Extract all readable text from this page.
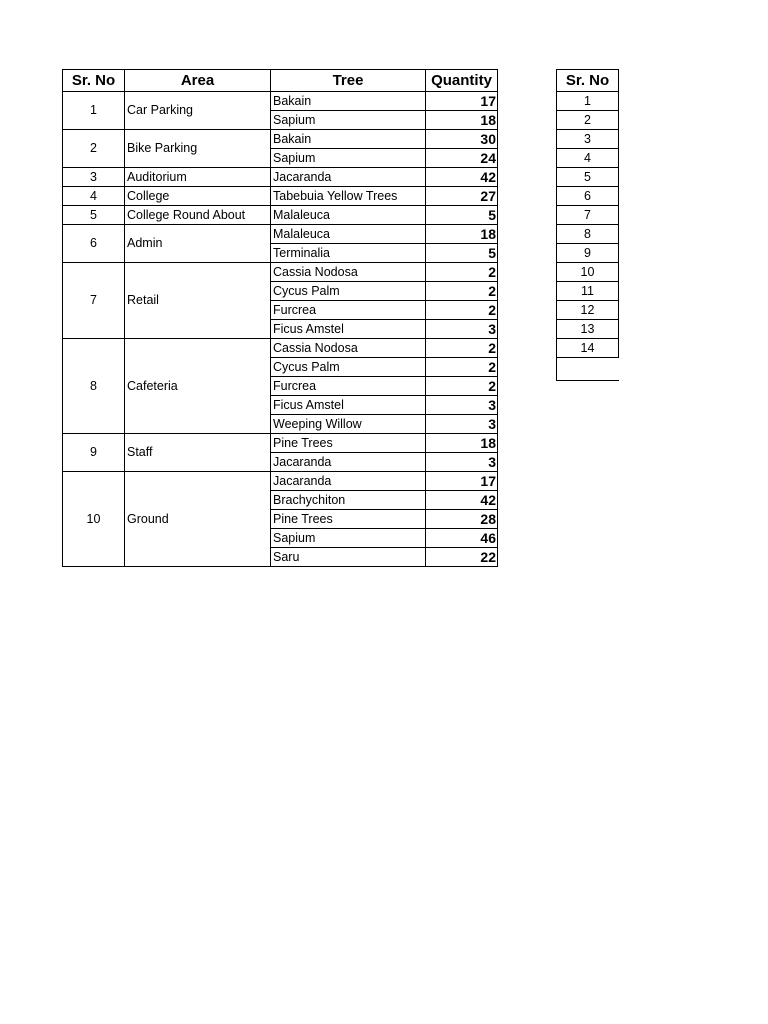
Sr. No	Area	Tree	Quantity
1	Car Parking	Bakain	17
		Sapium	18
2	Bike Parking	Bakain	30
		Sapium	24
3	Auditorium	Jacaranda	42
4	College	Tabebuia Yellow Trees	27
5	College Round About	Malaleuca	5
6	Admin	Malaleuca	18
		Terminalia	5
7	Retail	Cassia Nodosa	2
		Cycus Palm	2
		Furcrea	2
		Ficus Amstel	3
8	Cafeteria	Cassia Nodosa	2
		Cycus Palm	2
		Furcrea	2
		Ficus Amstel	3
		Weeping Willow	3
9	Staff	Pine Trees	18
		Jacaranda	3
10	Ground	Jacaranda	17
		Brachychiton	42
		Pine Trees	28
		Sapium	46
		Saru	22
Sr. No
1
2
3
4
5
6
7
8
9
10
11
12
13
14
